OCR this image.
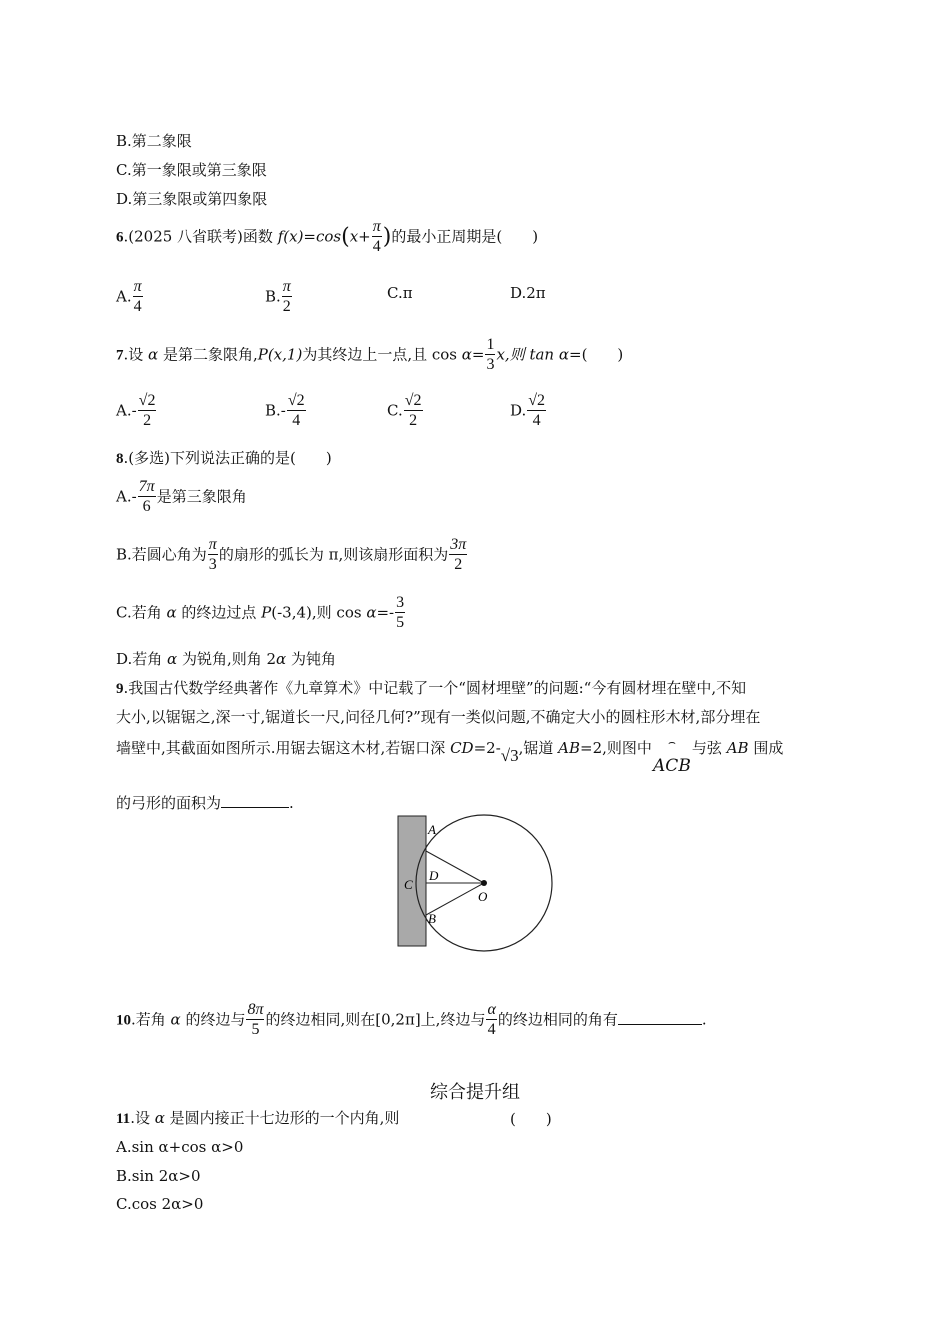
B.第二象限
C.第一象限或第三象限
D.第三象限或第四象限
6.(2025 八省联考)函数 $f(x)=\cos(x+ \frac{\pi}{4}$ )的最小正周期是(　　)
A. $\frac{\pi}{4}$	B. $\frac{\pi}{2}$	C.π	D.2π
7.设 α 是第二象限角,P(x,1)为其终边上一点,且 $\cos \alpha= \frac{1}{3} x$,则 tan α=(　　)
$A.- \frac{√2}{2}$	$B.- \frac{√2}{4}$	C. $\frac{√2}{2}$	D. $\frac{√2}{4}$
8.(多选)下列说法正确的是(　　)
$A.- \frac{7\pi}{6}$ 是第三象限角
B.若圆心角为 $\frac{\pi}{3}$ 的扇形的弧长为 π,则该扇形面积为 $\frac{3\pi}{2}$
C.若角 α 的终边过点 P(-3,4),则 $\cos \alpha=- \frac{3}{5}$
D.若角 α 为锐角,则角 2α 为钝角
9.我国古代数学经典著作《九章算术》中记载了一个“圆材埋壁”的问题:“今有圆材埋在壁中,不知
大小,以锯锯之,深一寸,锯道长一尺,问径几何?”现有一类似问题,不确定大小的圆柱形木材,部分埋在
墙壁中,其截面如图所示.用锯去锯这木材,若锯口深 CD=2-√3,锯道 AB=2,则图中	⌢
ACB与弦 AB 围成
的弓形的面积为	.
A
B
C
D
O
10.若角 α 的终边与 $\frac{8\pi}{5}$ 的终边相同,则在[0,2π]上,终边与 $\frac{\alpha}{4}$ 的终边相同的角有	.
综合提升组
11.设 α 是圆内接正十七边形的一个内角,则	(　　)
A.sin α+cos α>0
B.sin 2α>0
C.cos 2α>0
